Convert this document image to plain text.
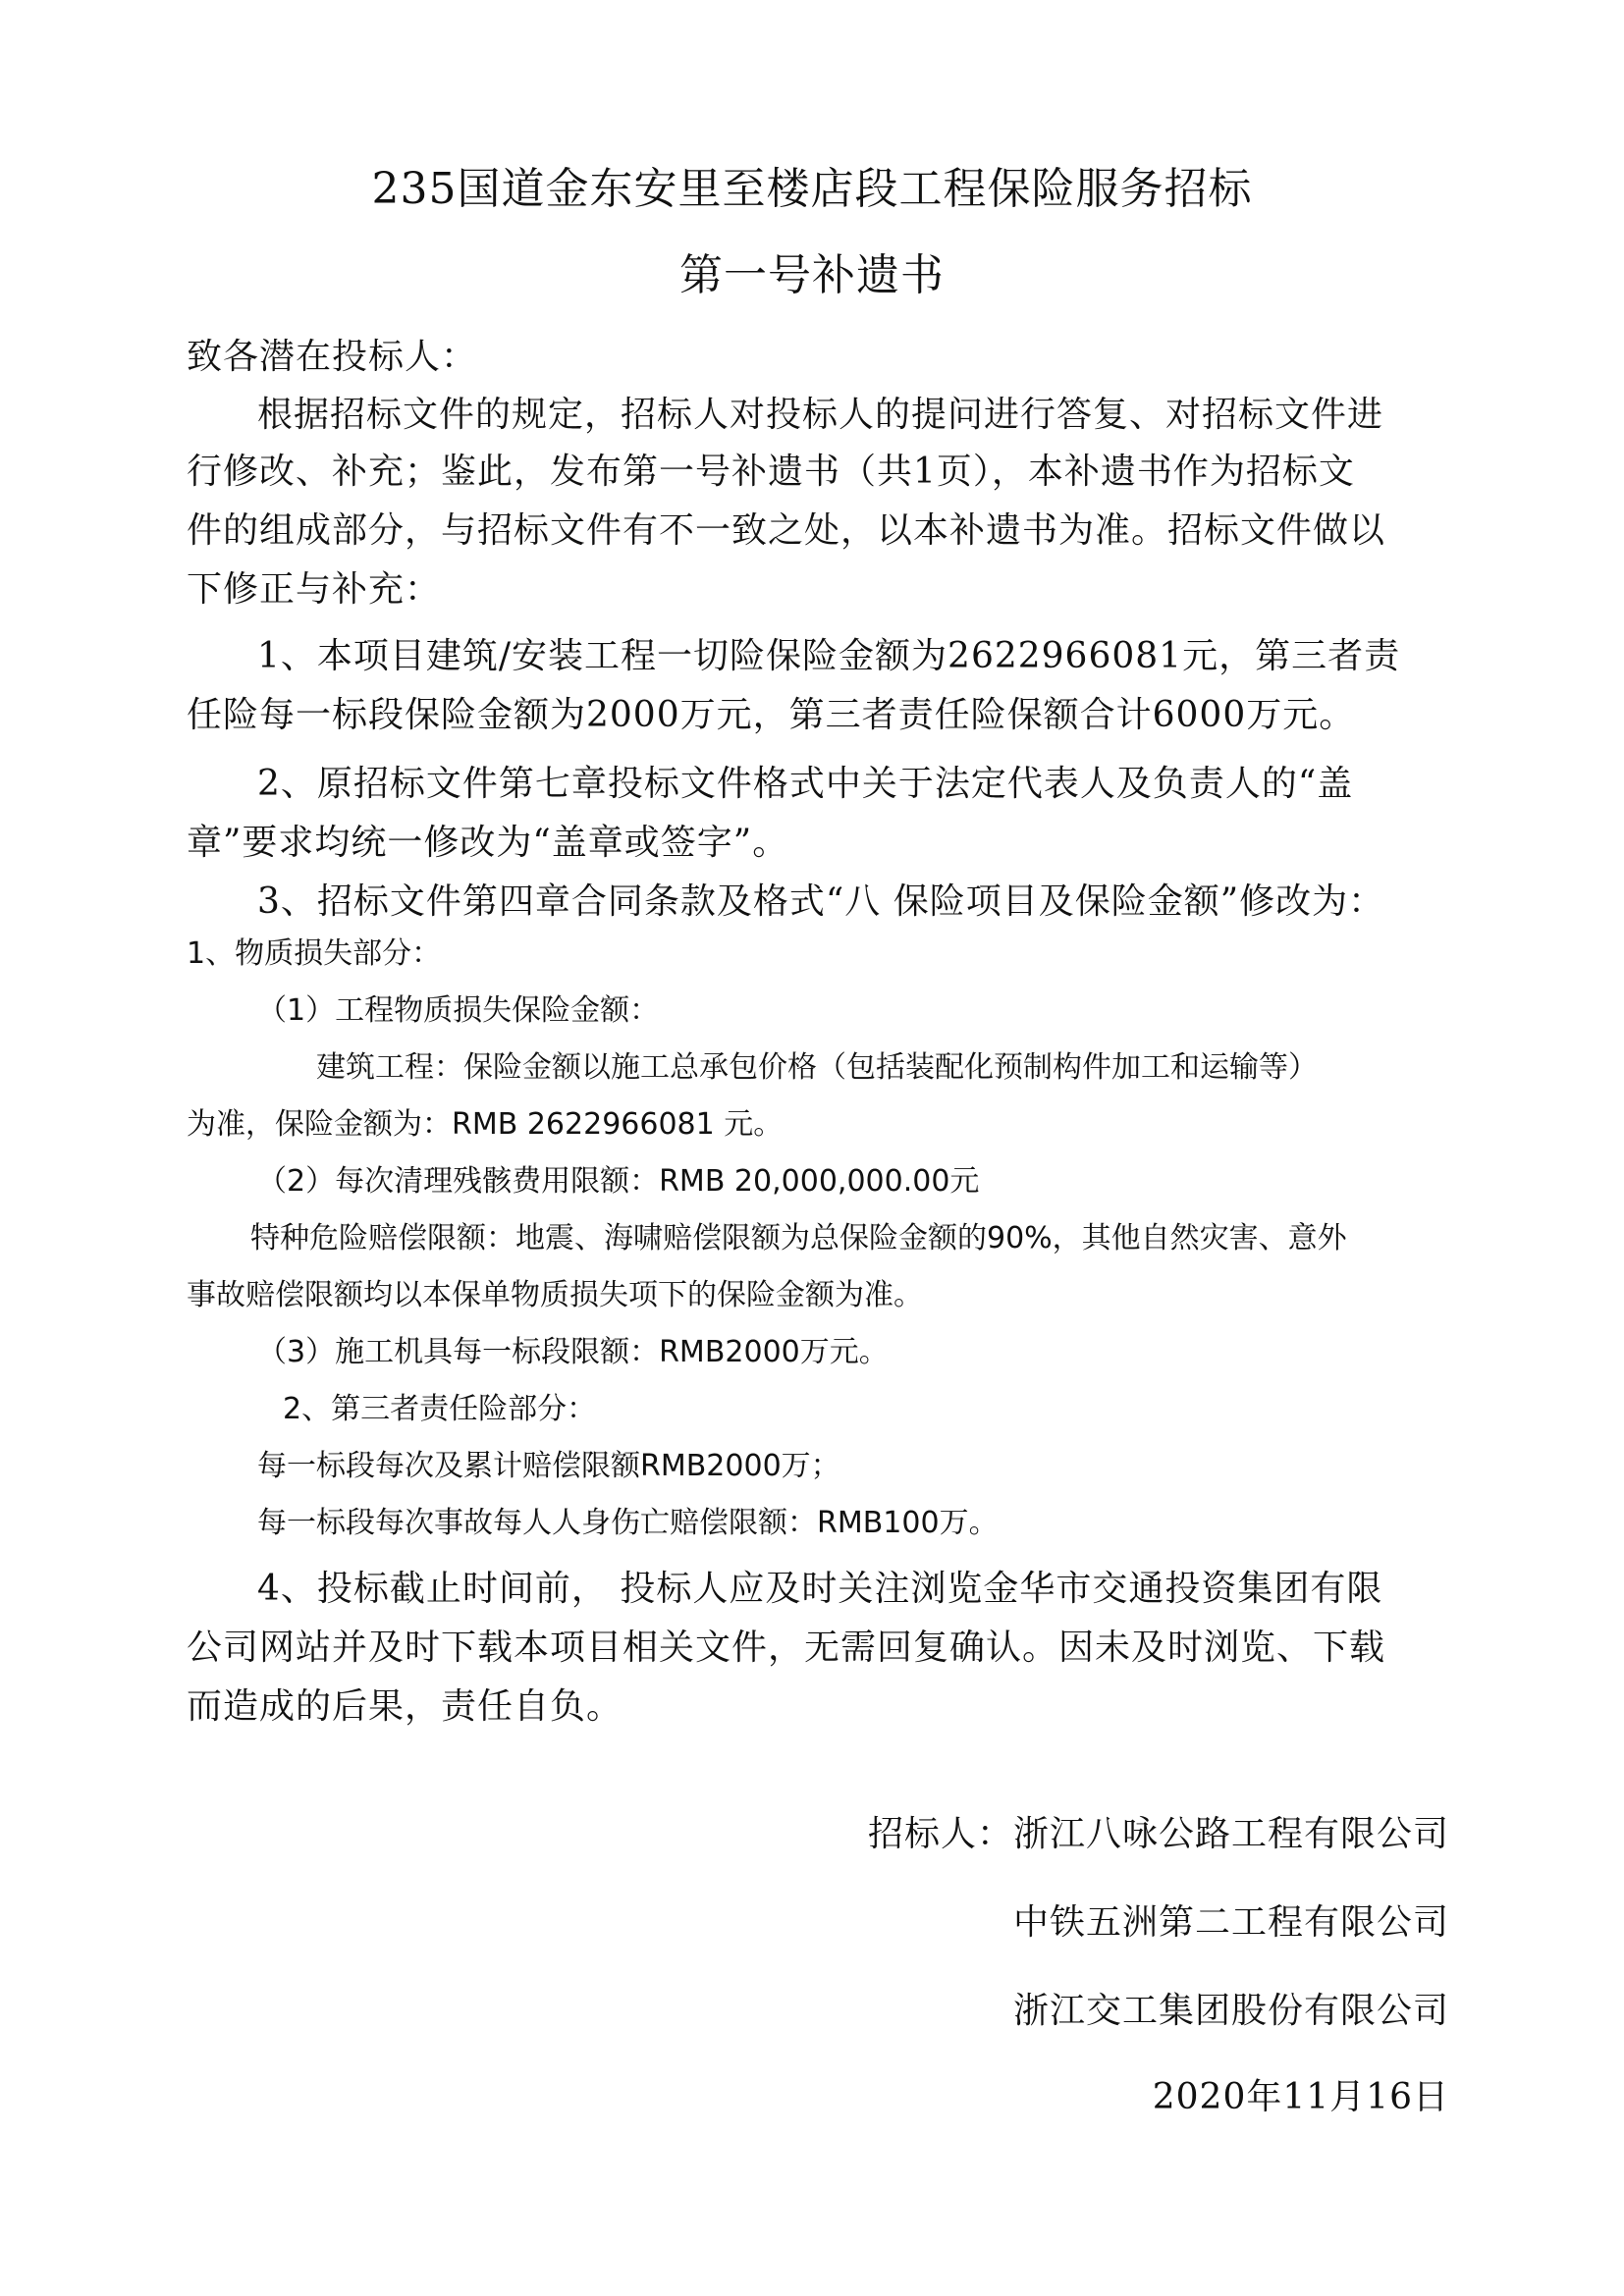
235国道金东安里至楼店段工程保险服务招标
第一号补遗书
致各潜在投标人：
根据招标文件的规定，招标人对投标人的提问进行答复、对招标文件进
行修改、补充；鉴此，发布第一号补遗书（共1页），本补遗书作为招标文
件的组成部分，与招标文件有不一致之处，以本补遗书为准。招标文件做以
下修正与补充：
1、本项目建筑/安装工程一切险保险金额为2622966081元，第三者责
任险每一标段保险金额为2000万元，第三者责任险保额合计6000万元。
2、原招标文件第七章投标文件格式中关于法定代表人及负责人的“盖
章”要求均统一修改为“盖章或签字”。
3、招标文件第四章合同条款及格式“八 保险项目及保险金额”修改为：
1、物质损失部分：
（1）工程物质损失保险金额：
建筑工程：保险金额以施工总承包价格（包括装配化预制构件加工和运输等）
为准，保险金额为：RMB 2622966081 元。
（2）每次清理残骸费用限额：RMB 20,000,000.00元
特种危险赔偿限额：地震、海啸赔偿限额为总保险金额的90%，其他自然灾害、意外
事故赔偿限额均以本保单物质损失项下的保险金额为准。
（3）施工机具每一标段限额：RMB2000万元。
2、第三者责任险部分：
每一标段每次及累计赔偿限额RMB2000万；
每一标段每次事故每人人身伤亡赔偿限额：RMB100万。
4、投标截止时间前， 投标人应及时关注浏览金华市交通投资集团有限
公司网站并及时下载本项目相关文件，无需回复确认。因未及时浏览、下载
而造成的后果，责任自负。
招标人：浙江八咏公路工程有限公司
中铁五洲第二工程有限公司
浙江交工集团股份有限公司
2020年11月16日
